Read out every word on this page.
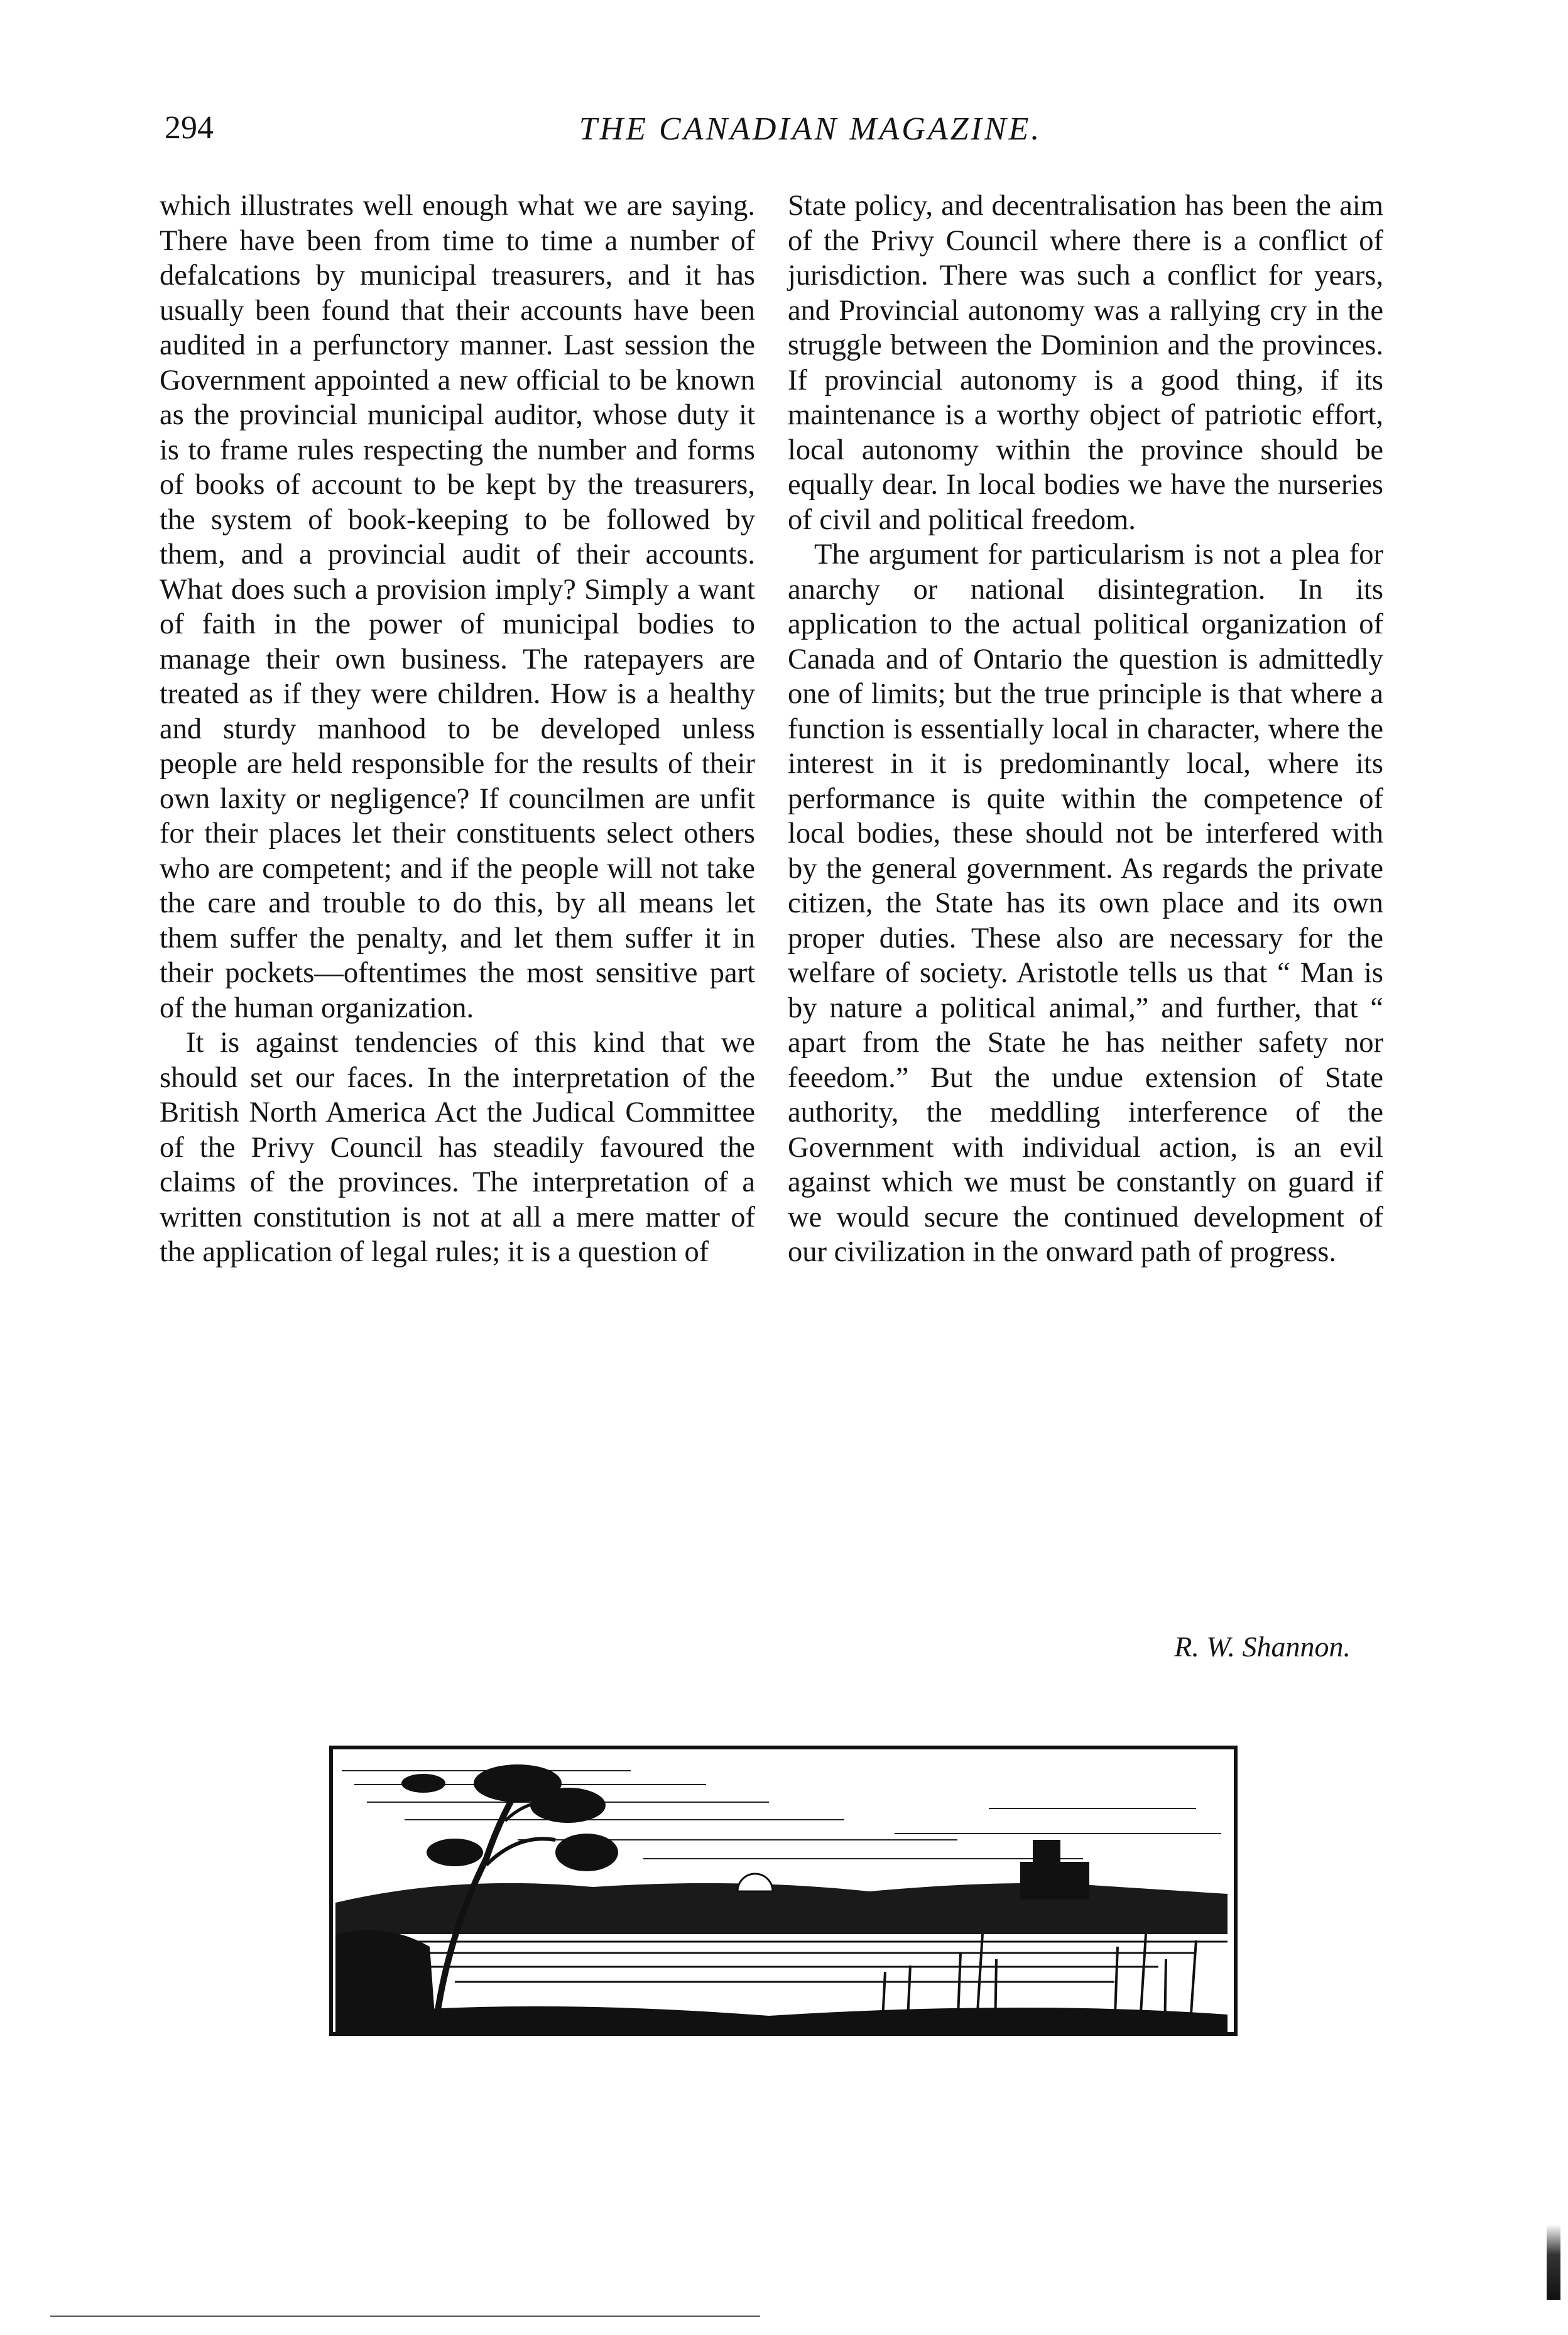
294	THE CANADIAN MAGAZINE.

which illustrates well enough what we are saying. There have been from time to time a number of defalcations by municipal treasurers, and it has usually been found that their accounts have been audited in a perfunctory manner. Last session the Government appointed a new official to be known as the provincial municipal auditor, whose duty it is to frame rules respecting the number and forms of books of account to be kept by the treasurers, the system of book-keeping to be followed by them, and a provincial audit of their accounts. What does such a provision imply? Simply a want of faith in the power of municipal bodies to manage their own business. The ratepayers are treated as if they were children. How is a healthy and sturdy manhood to be developed unless people are held responsible for the results of their own laxity or negligence? If councilmen are unfit for their places let their constituents select others who are competent; and if the people will not take the care and trouble to do this, by all means let them suffer the penalty, and let them suffer it in their pockets—oftentimes the most sensitive part of the human organization.

It is against tendencies of this kind that we should set our faces. In the interpretation of the British North America Act the Judical Committee of the Privy Council has steadily favoured the claims of the provinces. The interpretation of a written constitution is not at all a mere matter of the application of legal rules; it is a question of

State policy, and decentralisation has been the aim of the Privy Council where there is a conflict of jurisdiction. There was such a conflict for years, and Provincial autonomy was a rallying cry in the struggle between the Dominion and the provinces. If provincial autonomy is a good thing, if its maintenance is a worthy object of patriotic effort, local autonomy within the province should be equally dear. In local bodies we have the nurseries of civil and political freedom.

The argument for particularism is not a plea for anarchy or national disintegration. In its application to the actual political organization of Canada and of Ontario the question is admittedly one of limits; but the true principle is that where a function is essentially local in character, where the interest in it is predominantly local, where its performance is quite within the competence of local bodies, these should not be interfered with by the general government. As regards the private citizen, the State has its own place and its own proper duties. These also are necessary for the welfare of society. Aristotle tells us that “ Man is by nature a political animal,” and further, that “ apart from the State he has neither safety nor feeedom.” But the undue extension of State authority, the meddling interference of the Government with individual action, is an evil against which we must be constantly on guard if we would secure the continued development of our civilization in the onward path of progress.

R. W. Shannon.
